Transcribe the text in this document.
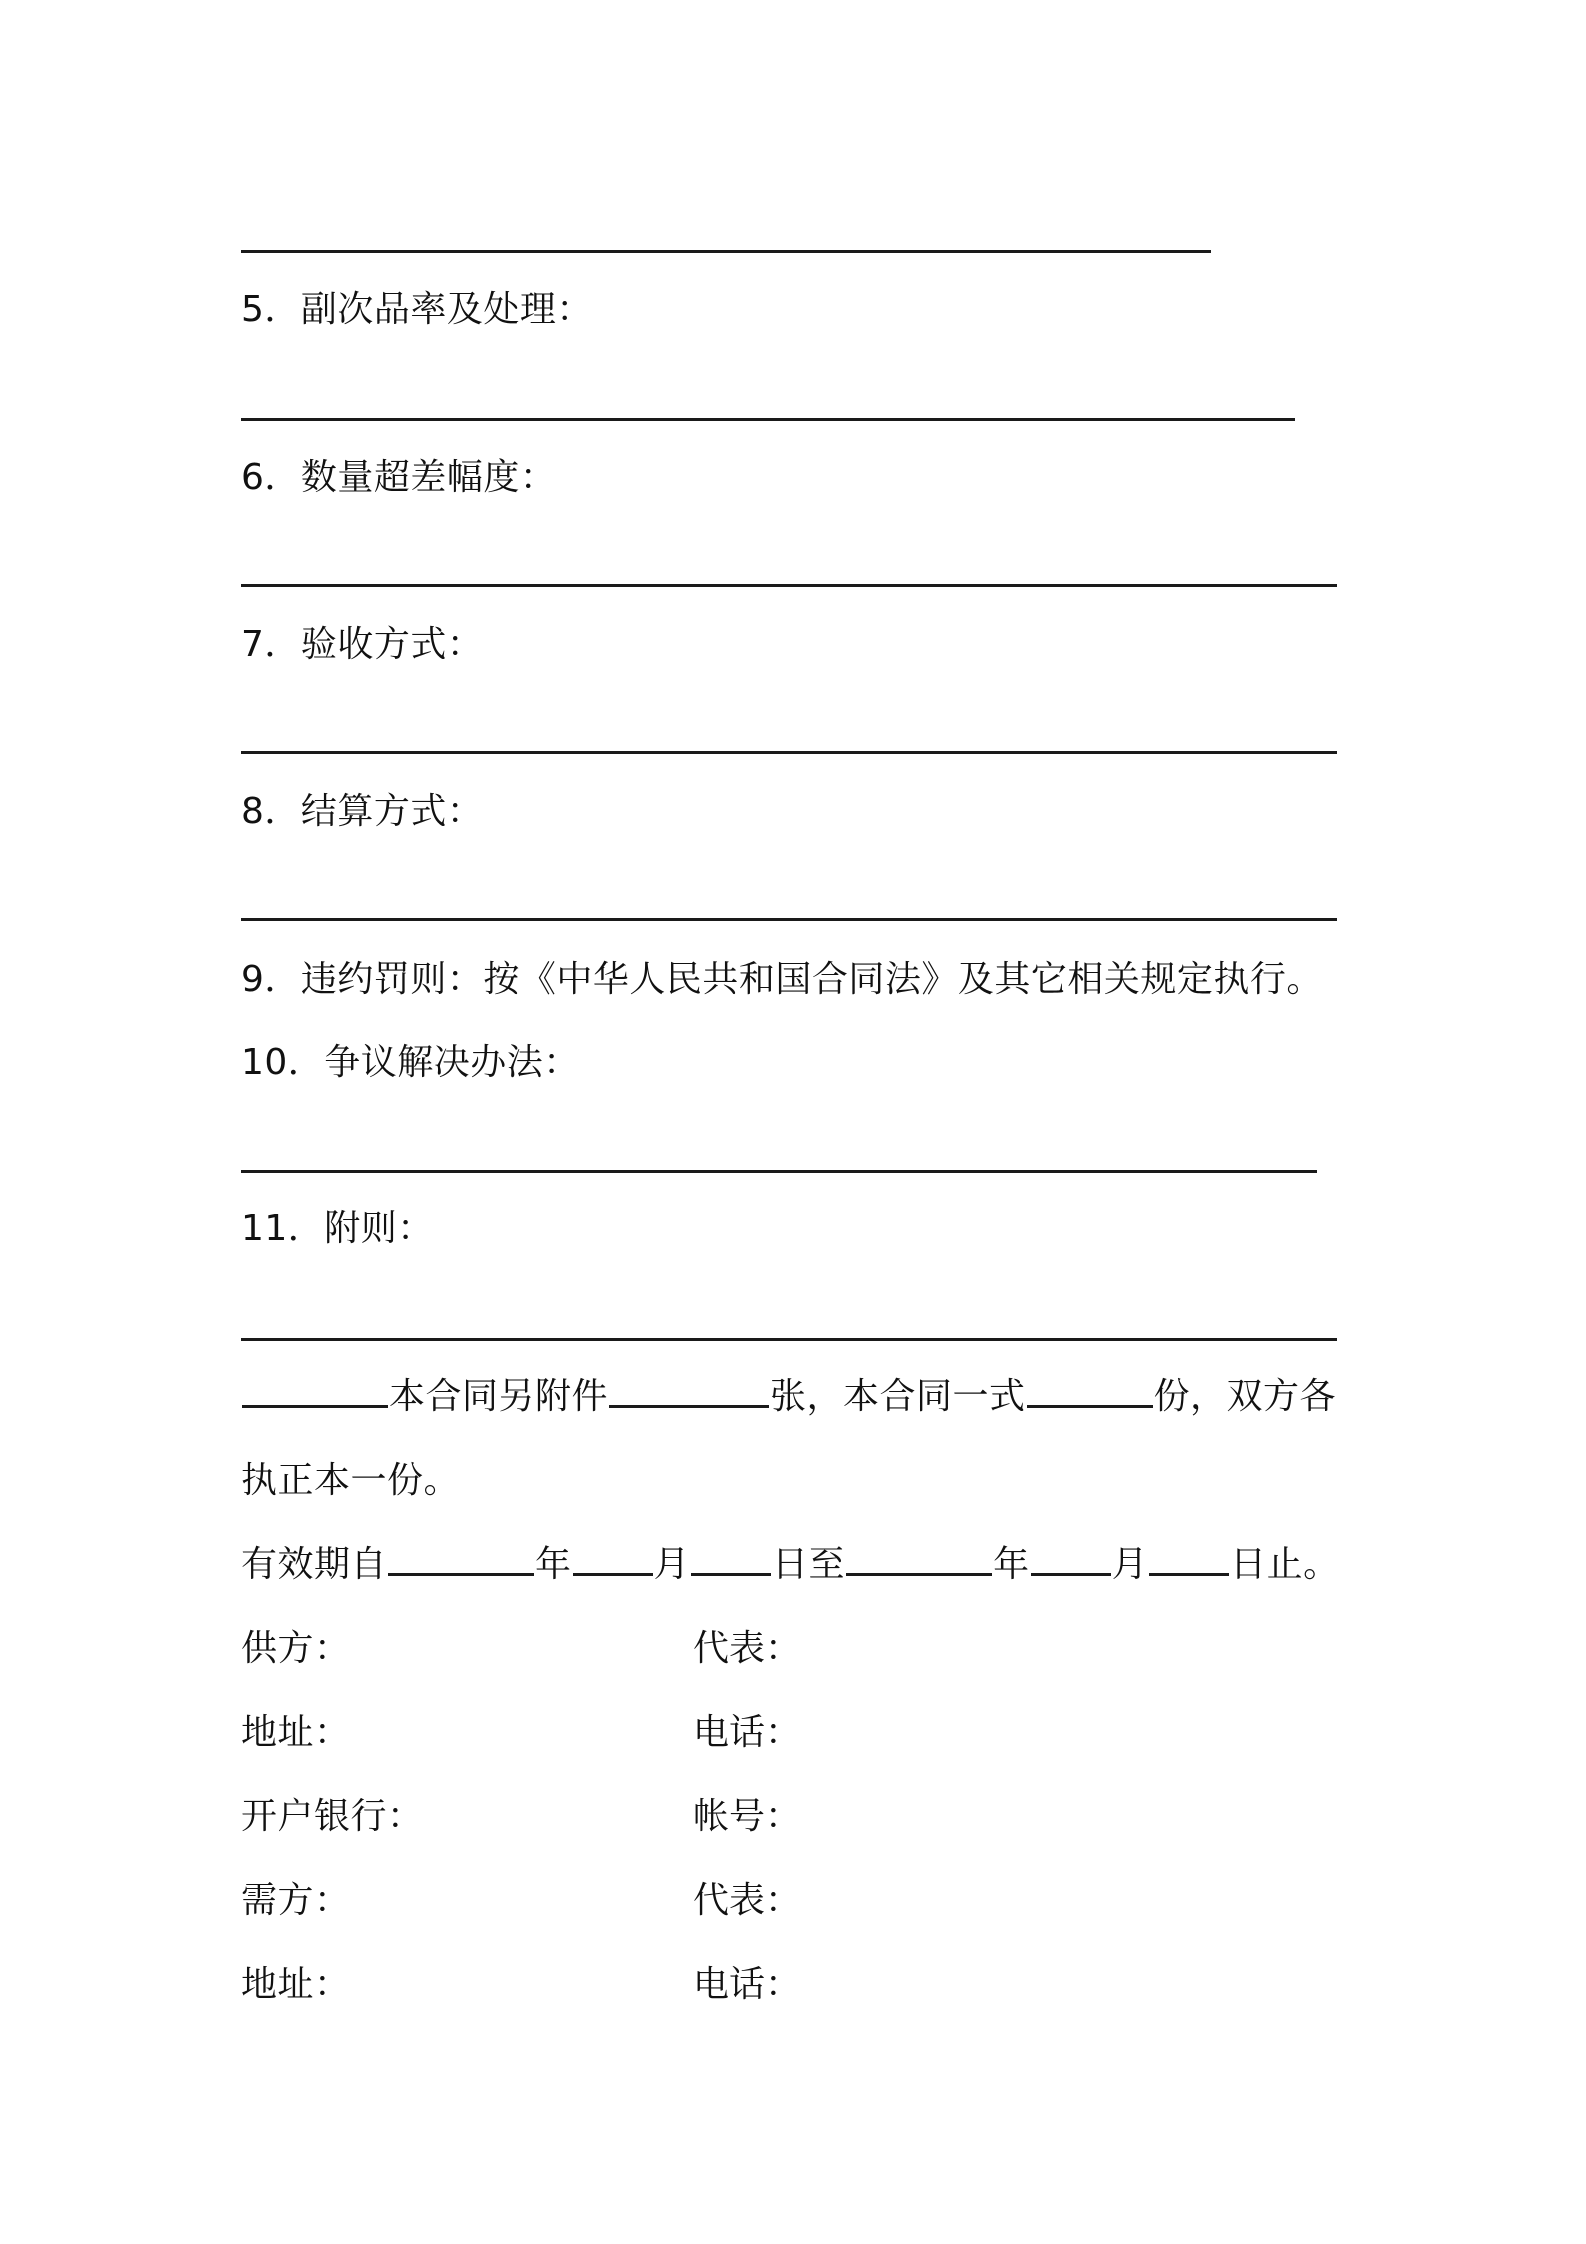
5．副次品率及处理：
6．数量超差幅度：
7．验收方式：
8．结算方式：
9．违约罚则：按《中华人民共和国合同法》及其它相关规定执行。
10．争议解决办法：
11．附则：
本合同另附件	张，本合同一式	份，双方各
执正本一份。
有效期自	年 月 日至	年 月 日止。
供方：	代表：
地址：	电话：
开户银行：	帐号：
需方：	代表：
地址：	电话：
